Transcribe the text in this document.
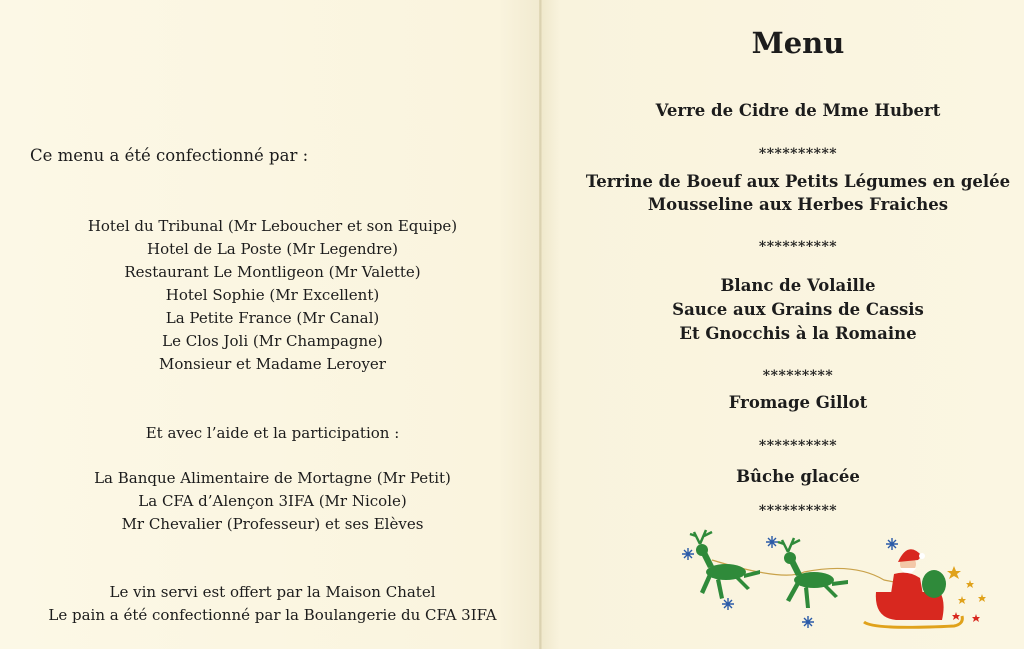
Ce menu a été confectionné par :
Hotel du Tribunal (Mr Leboucher et son Equipe)
Hotel de La Poste (Mr Legendre)
Restaurant Le Montligeon (Mr Valette)
Hotel Sophie (Mr Excellent)
La Petite France (Mr Canal)
Le Clos Joli (Mr Champagne)
Monsieur et Madame Leroyer
Et avec l’aide et la participation :
La Banque Alimentaire de Mortagne (Mr Petit)
La CFA d’Alençon 3IFA (Mr Nicole)
Mr Chevalier (Professeur) et ses Elèves
Le vin servi est offert par la Maison Chatel
Le pain a été confectionné par la Boulangerie du CFA 3IFA
Menu
Verre de Cidre de Mme Hubert
**********
Terrine de Boeuf aux Petits Légumes en gelée
Mousseline aux Herbes Fraiches
**********
Blanc de Volaille
Sauce aux Grains de Cassis
Et Gnocchis à la Romaine
*********
Fromage Gillot
**********
Bûche glacée
**********
